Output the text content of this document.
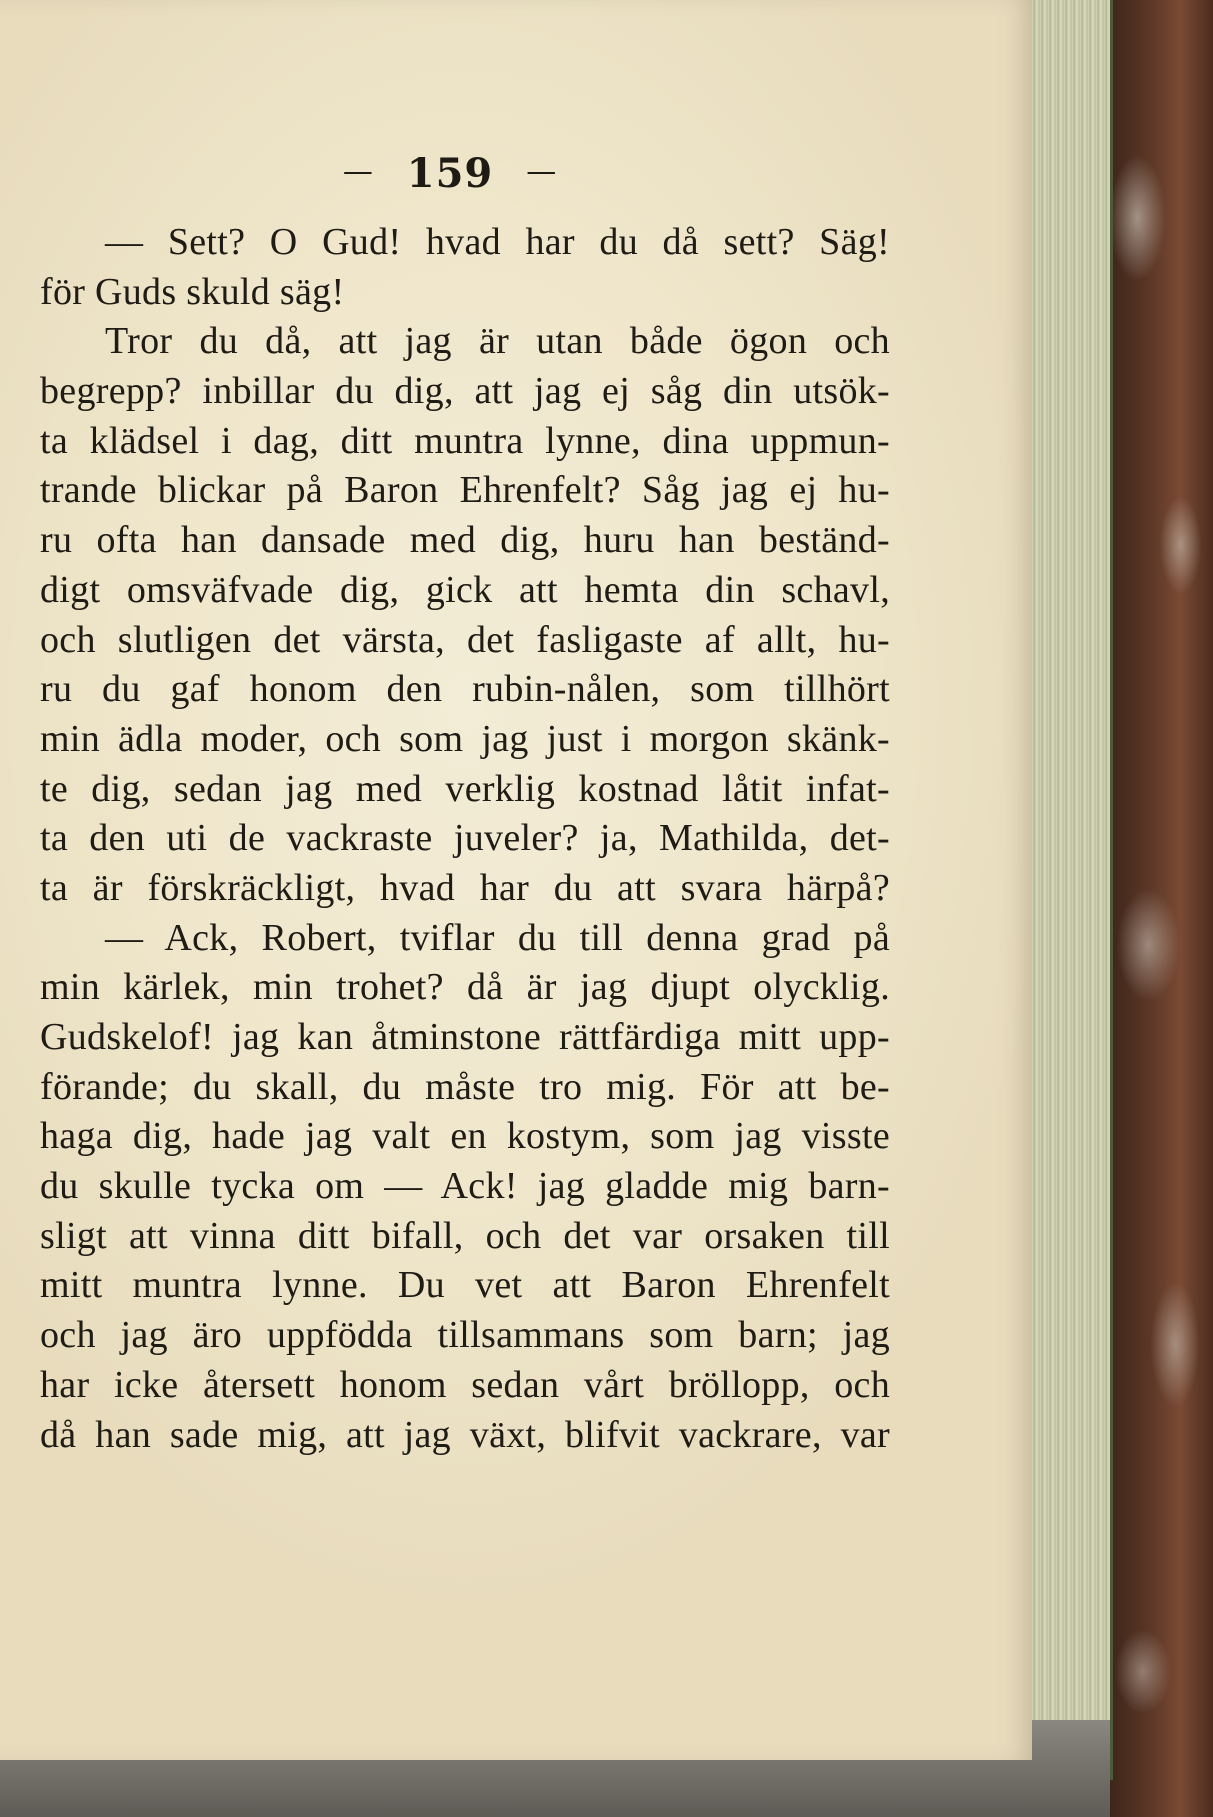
— 159 —
— Sett? O Gud! hvad har du då sett? Säg!
för Guds skuld säg!
Tror du då, att jag är utan både ögon och
begrepp? inbillar du dig, att jag ej såg din utsök-
ta klädsel i dag, ditt muntra lynne, dina uppmun-
trande blickar på Baron Ehrenfelt? Såg jag ej hu-
ru ofta han dansade med dig, huru han beständ-
digt omsväfvade dig, gick att hemta din schavl,
och slutligen det värsta, det fasligaste af allt, hu-
ru du gaf honom den rubin-nålen, som tillhört
min ädla moder, och som jag just i morgon skänk-
te dig, sedan jag med verklig kostnad låtit infat-
ta den uti de vackraste juveler? ja, Mathilda, det-
ta är förskräckligt, hvad har du att svara härpå?
— Ack, Robert, tviflar du till denna grad på
min kärlek, min trohet? då är jag djupt olycklig.
Gudskelof! jag kan åtminstone rättfärdiga mitt upp-
förande; du skall, du måste tro mig. För att be-
haga dig, hade jag valt en kostym, som jag visste
du skulle tycka om — Ack! jag gladde mig barn-
sligt att vinna ditt bifall, och det var orsaken till
mitt muntra lynne. Du vet att Baron Ehrenfelt
och jag äro uppfödda tillsammans som barn; jag
har icke återsett honom sedan vårt bröllopp, och
då han sade mig, att jag växt, blifvit vackrare, var
